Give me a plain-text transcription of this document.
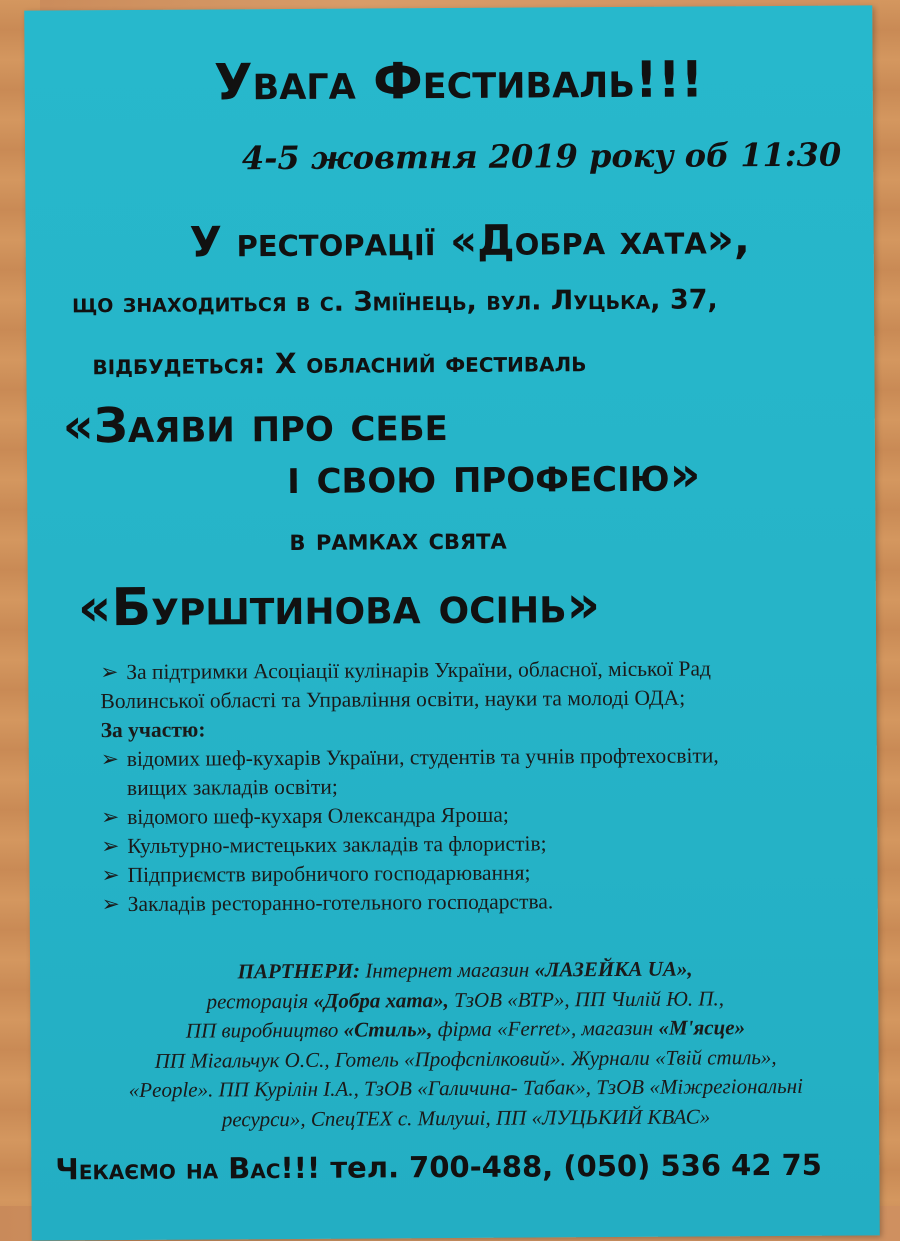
Увага Фестиваль!!!
4-5 жовтня 2019 року об 11:30
У ресторації «Добра хата»,
що знаходиться в с. Зміїнець, вул. Луцька, 37,
відбудеться: Х обласний фестиваль
«Заяви про себе
і свою професію»
в рамках свята
«Бурштинова осінь»
➢ За підтримки Асоціації кулінарів України, обласної, міської Рад
Волинської області та Управління освіти, науки та молоді ОДА;
За участю:
➢ відомих шеф-кухарів України, студентів та учнів профтехосвіти,
вищих закладів освіти;
➢ відомого шеф-кухаря Олександра Яроша;
➢ Культурно-мистецьких закладів та флористів;
➢ Підприємств виробничого господарювання;
➢ Закладів ресторанно-готельного господарства.
ПАРТНЕРИ: Інтернет магазин «ЛАЗЕЙКА UA»,
ресторація «Добра хата», ТзОВ «ВТР», ПП Чилій Ю. П.,
ПП виробництво «Стиль», фірма «Ferret», магазин «М'ясце»
ПП Мігальчук О.С., Готель «Профспілковий». Журнали «Твій стиль»,
«People». ПП Курілін І.А., ТзОВ «Галичина- Табак», ТзОВ «Міжрегіональні
ресурси», СпецТЕХ с. Милуші, ПП «ЛУЦЬКИЙ КВАС»
Чекаємо на Вас!!! тел. 700-488, (050) 536 42 75
